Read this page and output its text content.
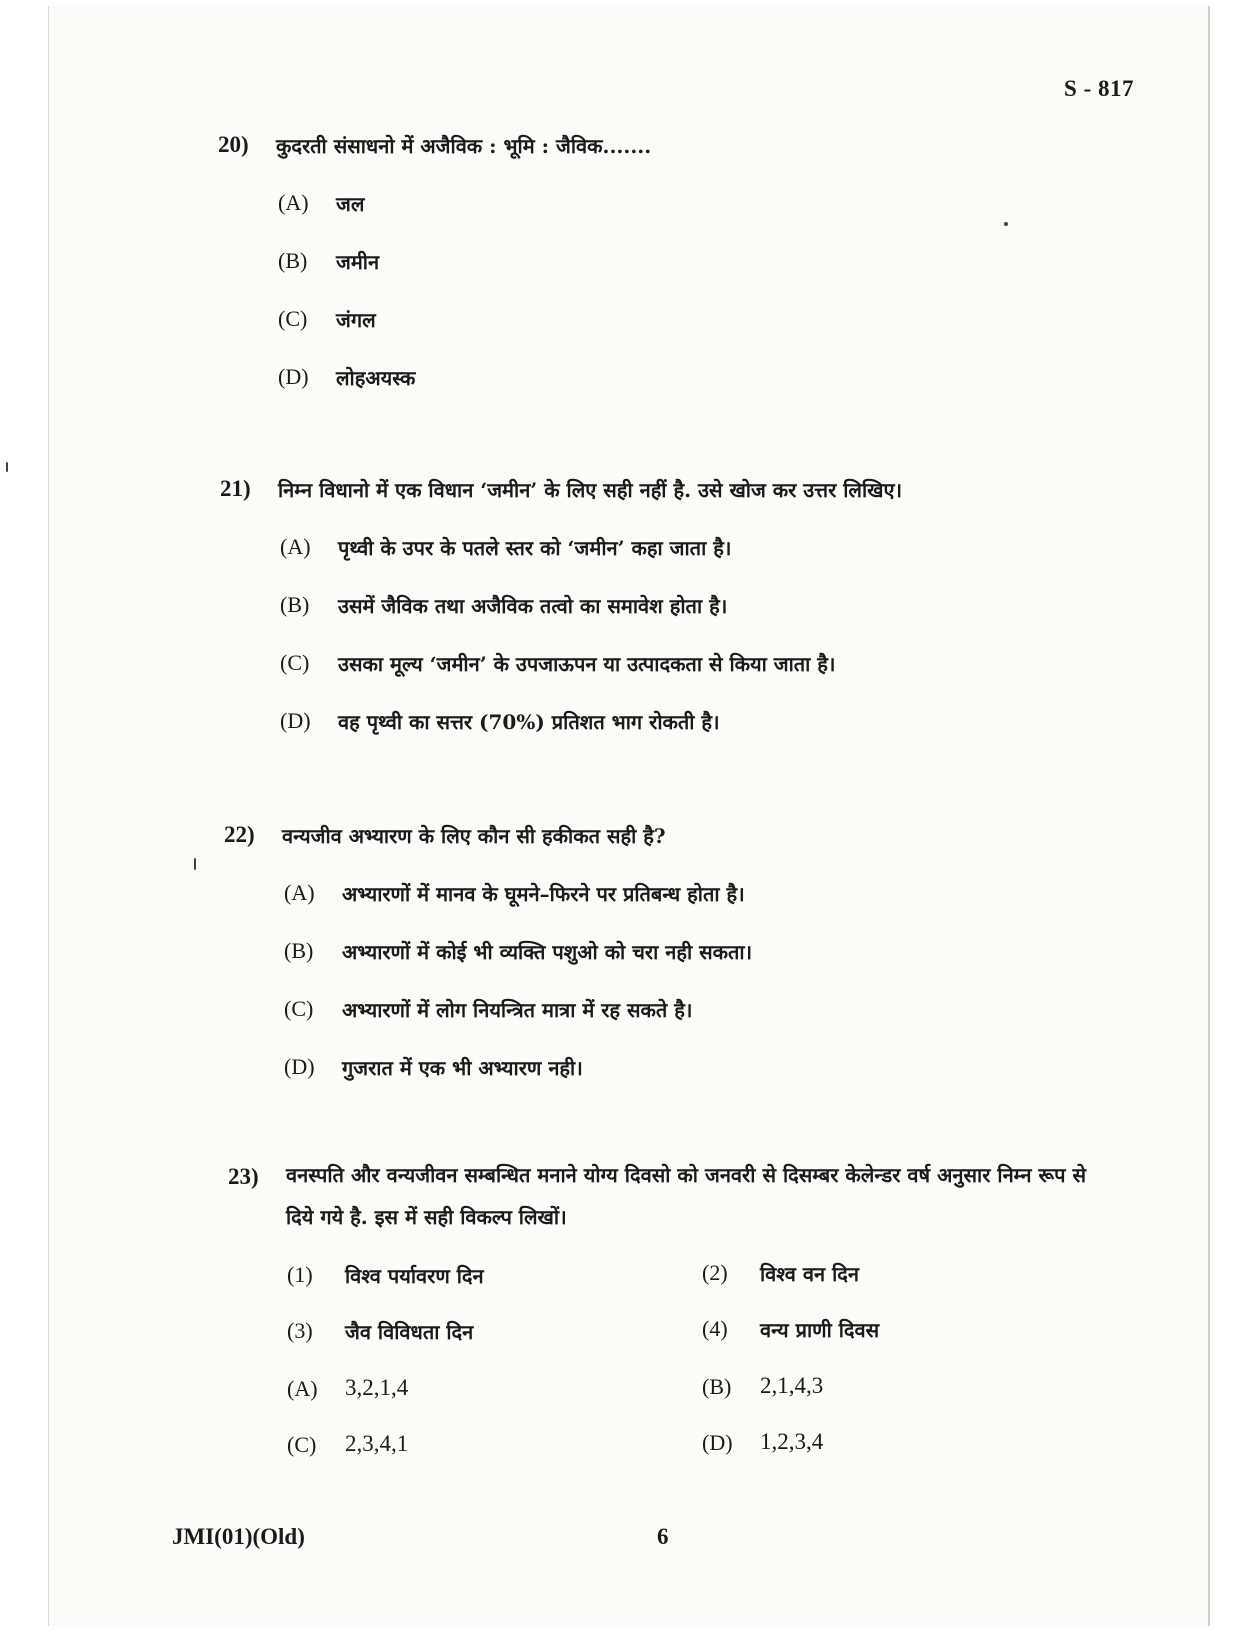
S - 817
20) कुदरती संसाधनो में अजैविक : भूमि : जैविक.......
(A) जल
(B) जमीन
(C) जंगल
(D) लोहअयस्क
21) निम्न विधानो में एक विधान ‘जमीन’ के लिए सही नहीं है. उसे खोज कर उत्तर लिखिए।
(A) पृथ्वी के उपर के पतले स्तर को ‘जमीन’ कहा जाता है।
(B) उसमें जैविक तथा अजैविक तत्वो का समावेश होता है।
(C) उसका मूल्य ‘जमीन’ के उपजाऊपन या उत्पादकता से किया जाता है।
(D) वह पृथ्वी का सत्तर (70%) प्रतिशत भाग रोकती है।
22) वन्यजीव अभ्यारण के लिए कौन सी हकीकत सही है?
(A) अभ्यारणों में मानव के घूमने–फिरने पर प्रतिबन्ध होता है।
(B) अभ्यारणों में कोई भी व्यक्ति पशुओ को चरा नही सकता।
(C) अभ्यारणों में लोग नियन्त्रित मात्रा में रह सकते है।
(D) गुजरात में एक भी अभ्यारण नही।
23) वनस्पति और वन्यजीवन सम्बन्धित मनाने योग्य दिवसो को जनवरी से दिसम्बर केलेन्डर वर्ष अनुसार निम्न रूप से दिये गये है. इस में सही विकल्प लिखों।
(1) विश्व पर्यावरण दिन	(2) विश्व वन दिन
(3) जैव विविधता दिन	(4) वन्य प्राणी दिवस
(A) 3,2,1,4	(B) 2,1,4,3
(C) 2,3,4,1	(D) 1,2,3,4
JMI(01)(Old)	6
